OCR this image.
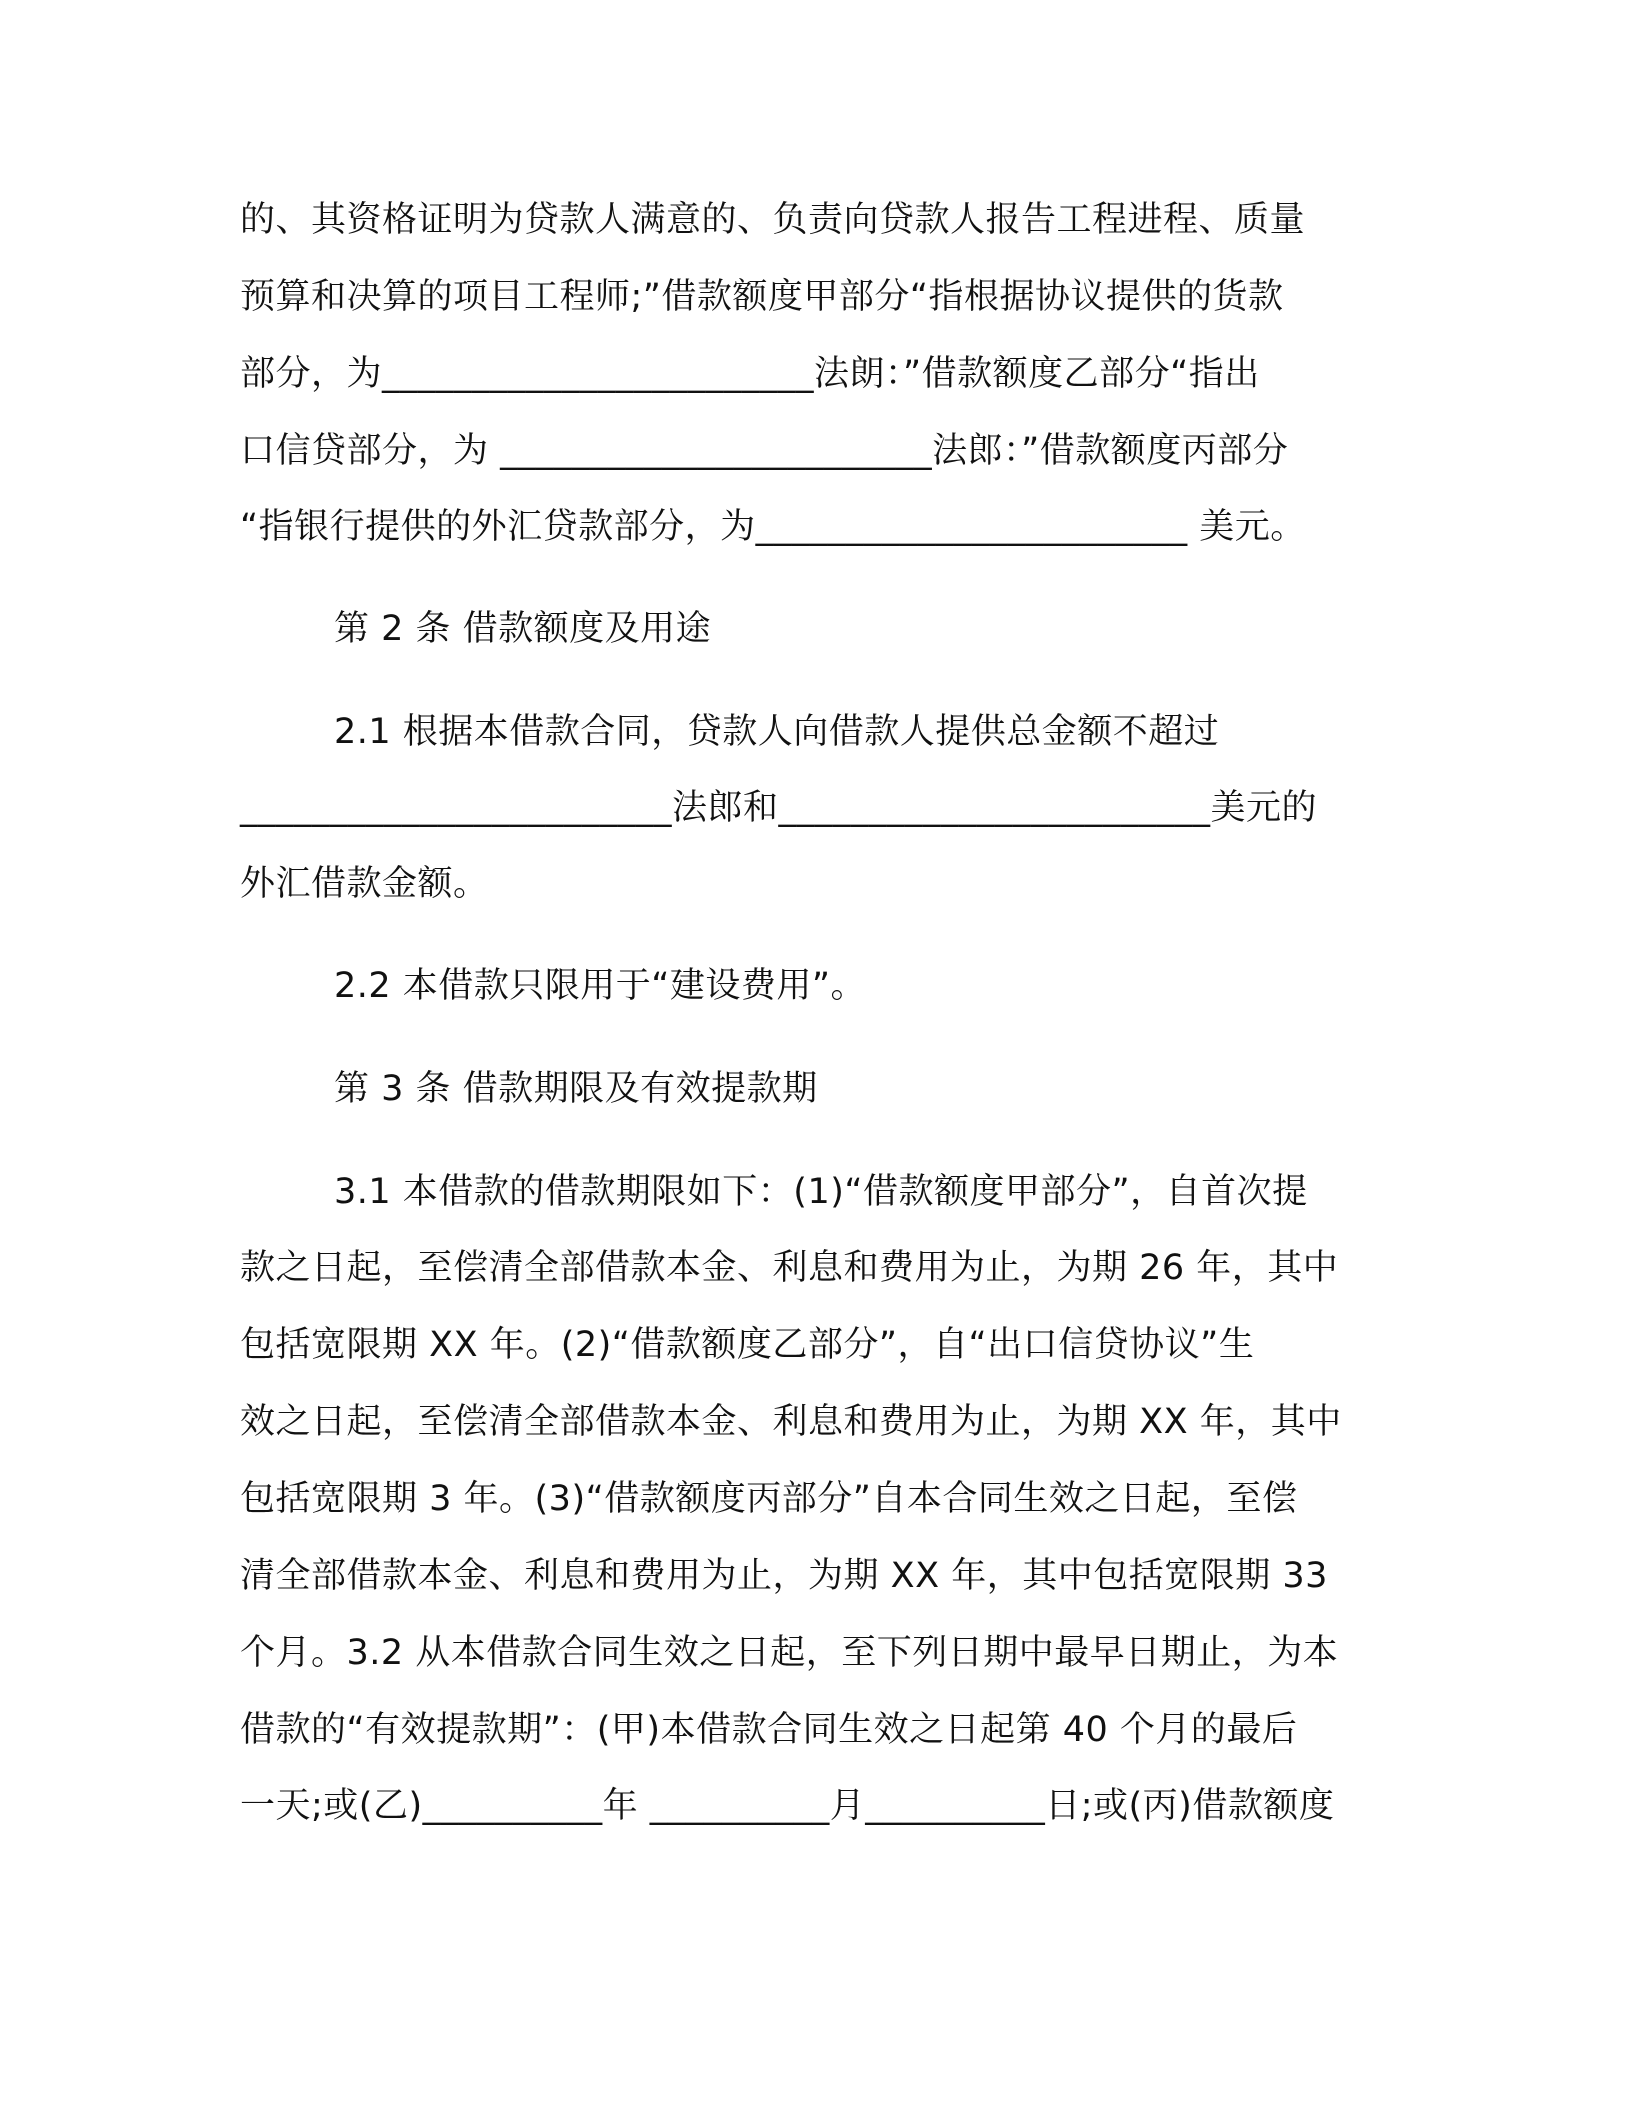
的、其资格证明为贷款人满意的、负责向贷款人报告工程进程、质量
预算和决算的项目工程师;”借款额度甲部分“指根据协议提供的货款
部分，为________________________法朗：”借款额度乙部分“指出
口信贷部分，为 ________________________法郎：”借款额度丙部分
“指银行提供的外汇贷款部分，为________________________ 美元。
第 2 条 借款额度及用途
2.1 根据本借款合同，贷款人向借款人提供总金额不超过
________________________法郎和________________________美元的
外汇借款金额。
2.2 本借款只限用于“建设费用”。
第 3 条 借款期限及有效提款期
3.1 本借款的借款期限如下：(1)“借款额度甲部分”，自首次提
款之日起，至偿清全部借款本金、利息和费用为止，为期 26 年，其中
包括宽限期 XX 年。(2)“借款额度乙部分”，自“出口信贷协议”生
效之日起，至偿清全部借款本金、利息和费用为止，为期 XX 年，其中
包括宽限期 3 年。(3)“借款额度丙部分”自本合同生效之日起，至偿
清全部借款本金、利息和费用为止，为期 XX 年，其中包括宽限期 33
个月。3.2 从本借款合同生效之日起，至下列日期中最早日期止，为本
借款的“有效提款期”：(甲)本借款合同生效之日起第 40 个月的最后
一天;或(乙)__________年 __________月__________日;或(丙)借款额度
